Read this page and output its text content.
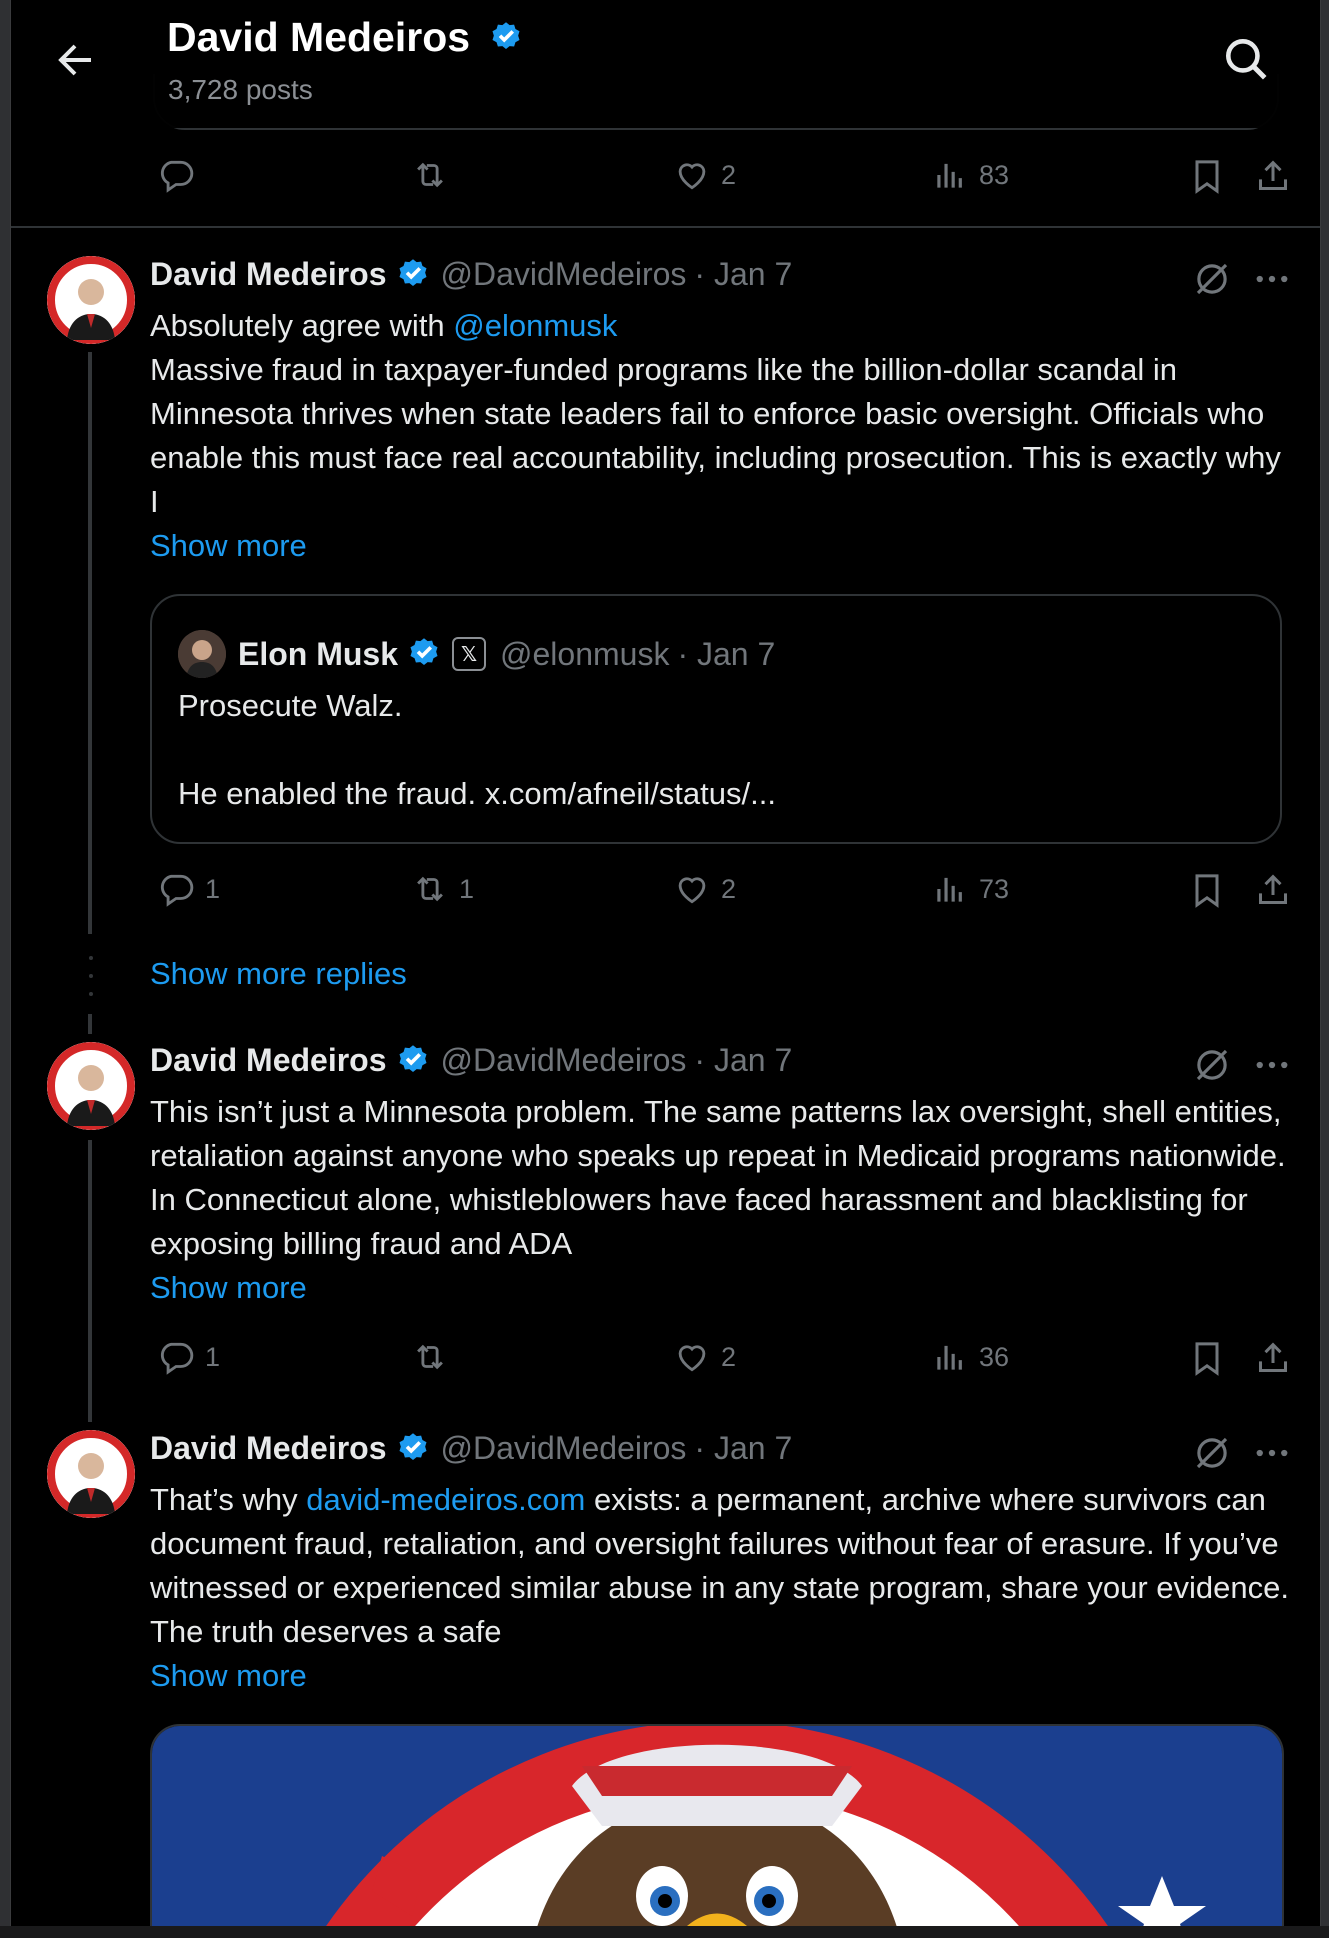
David Medeiros
3,728 posts
2	83
David Medeiros @DavidMedeiros · Jan 7
Absolutely agree with @elonmusk
Massive fraud in taxpayer-funded programs like the billion-dollar scandal in Minnesota thrives when state leaders fail to enforce basic oversight. Officials who enable this must face real accountability, including prosecution. This is exactly why I
Show more
Elon Musk	𝕏 @elonmusk · Jan 7
Prosecute Walz.

He enabled the fraud. x.com/afneil/status/...
1	1	2	73
Show more replies
David Medeiros @DavidMedeiros · Jan 7
This isn’t just a Minnesota problem. The same patterns lax oversight, shell entities, retaliation against anyone who speaks up repeat in Medicaid programs nationwide. In Connecticut alone, whistleblowers have faced harassment and blacklisting for exposing billing fraud and ADA
Show more
1	2	36
David Medeiros @DavidMedeiros · Jan 7
That’s why david-medeiros.com exists: a permanent, archive where survivors can document fraud, retaliation, and oversight failures without fear of erasure. If you’ve witnessed or experienced similar abuse in any state program, share your evidence. The truth deserves a safe
Show more
